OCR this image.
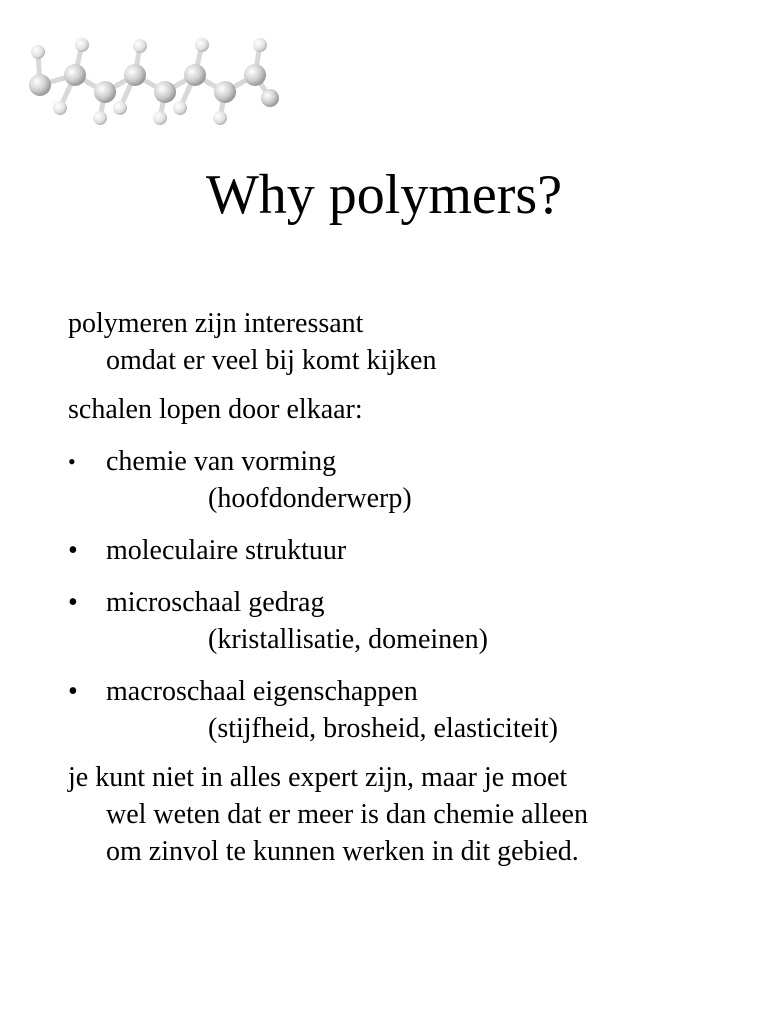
Why polymers?

polymeren zijn interessant

omdat er veel bij komt kijken

schalen lopen door elkaar:

•	chemie van vorming
(hoofdonderwerp)
•	moleculaire struktuur
•	microschaal gedrag
(kristallisatie, domeinen)
•	macroschaal eigenschappen
(stijfheid, brosheid, elasticiteit)

je kunt niet in alles expert zijn, maar je moet

wel weten dat er meer is dan chemie alleen

om zinvol te kunnen werken in dit gebied.
